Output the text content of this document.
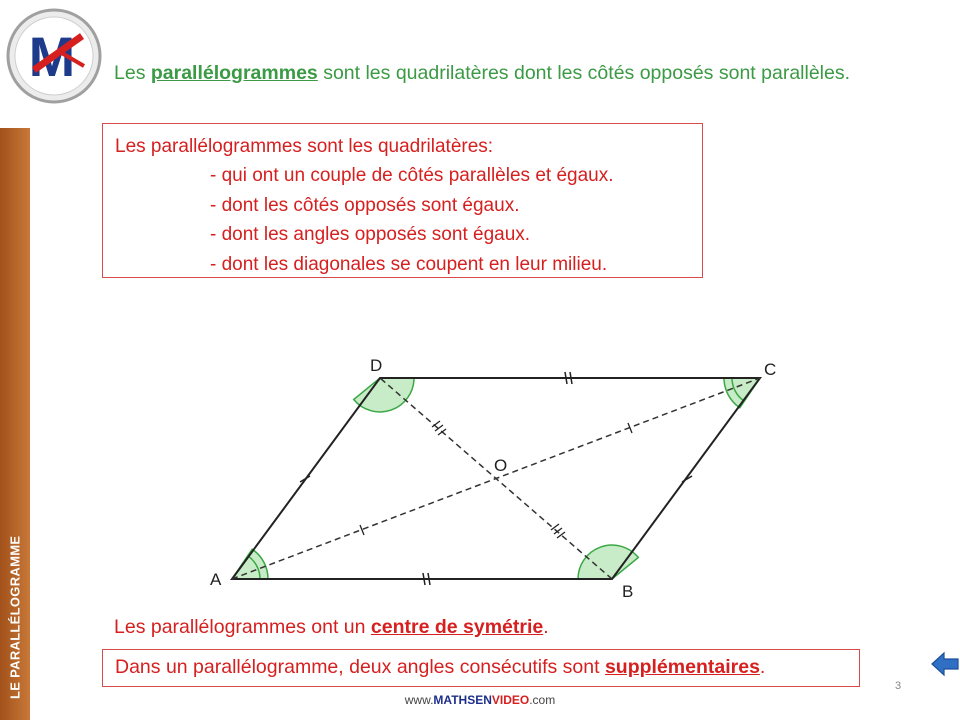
M
LE PARALLÉLOGRAMME
Les parallélogrammes sont les quadrilatères dont les côtés opposés sont parallèles.
Les parallélogrammes sont les quadrilatères:
- qui ont un couple de côtés parallèles et égaux.
- dont les côtés opposés sont égaux.
- dont les angles opposés sont égaux.
- dont les diagonales se coupent en leur milieu.
A
B
C
D
O
Les parallélogrammes ont un centre de symétrie.
Dans un parallélogramme, deux angles consécutifs sont supplémentaires.
3
www.MATHSENVIDEO.com
